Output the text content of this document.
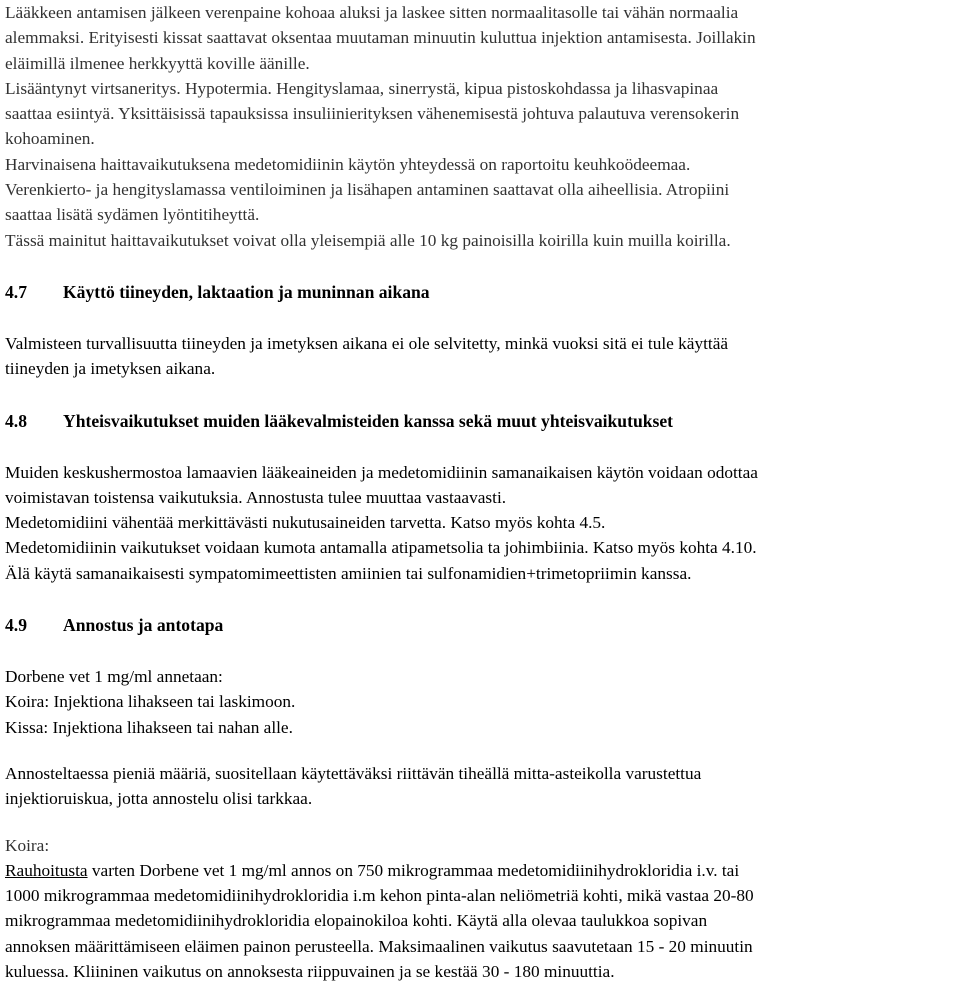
Lääkkeen antamisen jälkeen verenpaine kohoaa aluksi ja laskee sitten normaalitasolle tai vähän normaalia
alemmaksi. Erityisesti kissat saattavat oksentaa muutaman minuutin kuluttua injektion antamisesta. Joillakin
eläimillä ilmenee herkkyyttä koville äänille.
Lisääntynyt virtsaneritys. Hypotermia. Hengityslamaa, sinerrystä, kipua pistoskohdassa ja lihasvapinaa
saattaa esiintyä. Yksittäisissä tapauksissa insuliinierityksen vähenemisestä johtuva palautuva verensokerin
kohoaminen.
Harvinaisena haittavaikutuksena medetomidiinin käytön yhteydessä on raportoitu keuhkoödeemaa.
Verenkierto- ja hengityslamassa ventiloiminen ja lisähapen antaminen saattavat olla aiheellisia. Atropiini
saattaa lisätä sydämen lyöntitiheyttä.
Tässä mainitut haittavaikutukset voivat olla yleisempiä alle 10 kg painoisilla koirilla kuin muilla koirilla.
4.7 Käyttö tiineyden, laktaation ja muninnan aikana
Valmisteen turvallisuutta tiineyden ja imetyksen aikana ei ole selvitetty, minkä vuoksi sitä ei tule käyttää
tiineyden ja imetyksen aikana.
4.8 Yhteisvaikutukset muiden lääkevalmisteiden kanssa sekä muut yhteisvaikutukset
Muiden keskushermostoa lamaavien lääkeaineiden ja medetomidiinin samanaikaisen käytön voidaan odottaa
voimistavan toistensa vaikutuksia. Annostusta tulee muuttaa vastaavasti.
Medetomidiini vähentää merkittävästi nukutusaineiden tarvetta. Katso myös kohta 4.5.
Medetomidiinin vaikutukset voidaan kumota antamalla atipametsolia ta johimbiinia. Katso myös kohta 4.10.
Älä käytä samanaikaisesti sympatomimeettisten amiinien tai sulfonamidien+trimetopriimin kanssa.
4.9 Annostus ja antotapa
Dorbene vet 1 mg/ml annetaan:
Koira: Injektiona lihakseen tai laskimoon.
Kissa: Injektiona lihakseen tai nahan alle.
Annosteltaessa pieniä määriä, suositellaan käytettäväksi riittävän tiheällä mitta-asteikolla varustettua
injektioruiskua, jotta annostelu olisi tarkkaa.
Koira:
Rauhoitusta varten Dorbene vet 1 mg/ml annos on 750 mikrogrammaa medetomidiinihydrokloridia i.v. tai
1000 mikrogrammaa medetomidiinihydrokloridia i.m kehon pinta-alan neliömetriä kohti, mikä vastaa 20-80
mikrogrammaa medetomidiinihydrokloridia elopainokiloa kohti. Käytä alla olevaa taulukkoa sopivan
annoksen määrittämiseen eläimen painon perusteella. Maksimaalinen vaikutus saavutetaan 15 - 20 minuutin
kuluessa. Kliininen vaikutus on annoksesta riippuvainen ja se kestää 30 - 180 minuuttia.
